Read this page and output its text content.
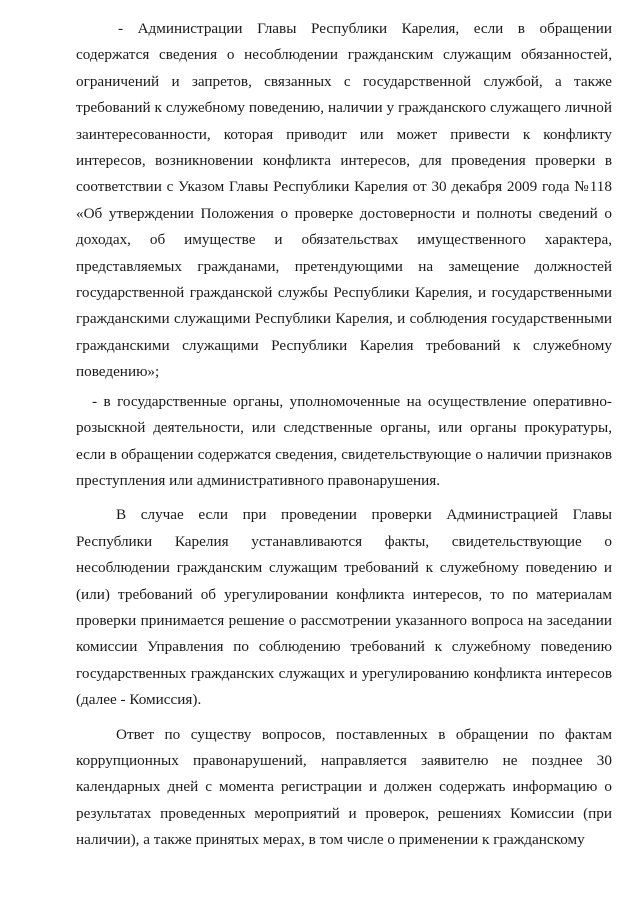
- Администрации Главы Республики Карелия, если в обращении содержатся сведения о несоблюдении гражданским служащим обязанностей, ограничений и запретов, связанных с государственной службой, а также требований к служебному поведению, наличии у гражданского служащего личной заинтересованности, которая приводит или может привести к конфликту интересов, возникновении конфликта интересов, для проведения проверки в соответствии с Указом Главы Республики Карелия от 30 декабря 2009 года №118 «Об утверждении Положения о проверке достоверности и полноты сведений о доходах, об имуществе и обязательствах имущественного характера, представляемых гражданами, претендующими на замещение должностей государственной гражданской службы Республики Карелия, и государственными гражданскими служащими Республики Карелия, и соблюдения государственными гражданскими служащими Республики Карелия требований к служебному поведению»;

- в государственные органы, уполномоченные на осуществление оперативно-розыскной деятельности, или следственные органы, или органы прокуратуры, если в обращении содержатся сведения, свидетельствующие о наличии признаков преступления или административного правонарушения.

В случае если при проведении проверки Администрацией Главы Республики Карелия устанавливаются факты, свидетельствующие о несоблюдении гражданским служащим требований к служебному поведению и (или) требований об урегулировании конфликта интересов, то по материалам проверки принимается решение о рассмотрении указанного вопроса на заседании комиссии Управления по соблюдению требований к служебному поведению государственных гражданских служащих и урегулированию конфликта интересов (далее - Комиссия).

Ответ по существу вопросов, поставленных в обращении по фактам коррупционных правонарушений, направляется заявителю не позднее 30 календарных дней с момента регистрации и должен содержать информацию о результатах проведенных мероприятий и проверок, решениях Комиссии (при наличии), а также принятых мерах, в том числе о применении к гражданскому
